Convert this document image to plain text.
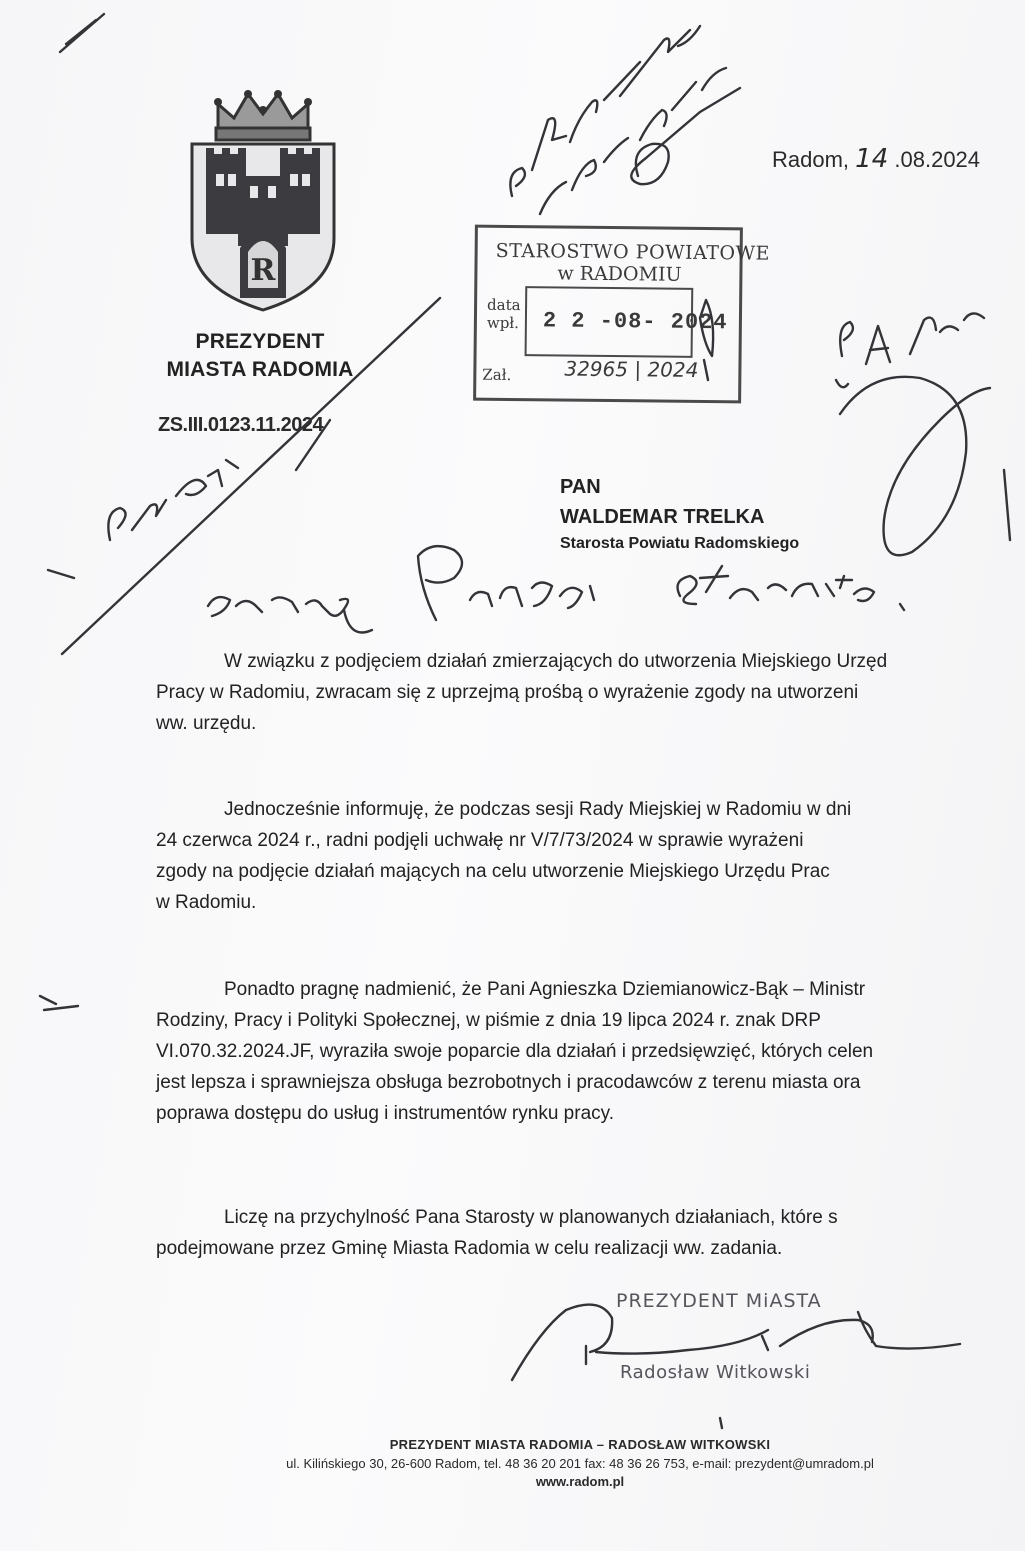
R
PREZYDENT
MIASTA RADOMIA
ZS.III.0123.11.2024
Radom, 14 .08.2024
STAROSTWO POWIATOWE
w RADOMIU
data
wpł. 2 2 -08- 2024
Zał.	32965 | 2024
PAN
WALDEMAR TRELKA
Starosta Powiatu Radomskiego

W związku z podjęciem działań zmierzających do utworzenia Miejskiego Urzęd

Pracy w Radomiu, zwracam się z uprzejmą prośbą o wyrażenie zgody na utworzeni

ww. urzędu.

Jednocześnie informuję, że podczas sesji Rady Miejskiej w Radomiu w dni

24 czerwca 2024 r., radni podjęli uchwałę nr V/7/73/2024 w sprawie wyrażeni

zgody na podjęcie działań mających na celu utworzenie Miejskiego Urzędu Prac

w Radomiu.

Ponadto pragnę nadmienić, że Pani Agnieszka Dziemianowicz-Bąk – Ministr

Rodziny, Pracy i Polityki Społecznej, w piśmie z dnia 19 lipca 2024 r. znak DRP

VI.070.32.2024.JF, wyraziła swoje poparcie dla działań i przedsięwzięć, których celen

jest lepsza i sprawniejsza obsługa bezrobotnych i pracodawców z terenu miasta ora

poprawa dostępu do usług i instrumentów rynku pracy.

Liczę na przychylność Pana Starosty w planowanych działaniach, które s

podejmowane przez Gminę Miasta Radomia w celu realizacji ww. zadania.

PREZYDENT MiASTA
Radosław Witkowski
PREZYDENT MIASTA RADOMIA – RADOSŁAW WITKOWSKI
ul. Kilińskiego 30, 26-600 Radom, tel. 48 36 20 201 fax: 48 36 26 753, e-mail: prezydent@umradom.pl
www.radom.pl
